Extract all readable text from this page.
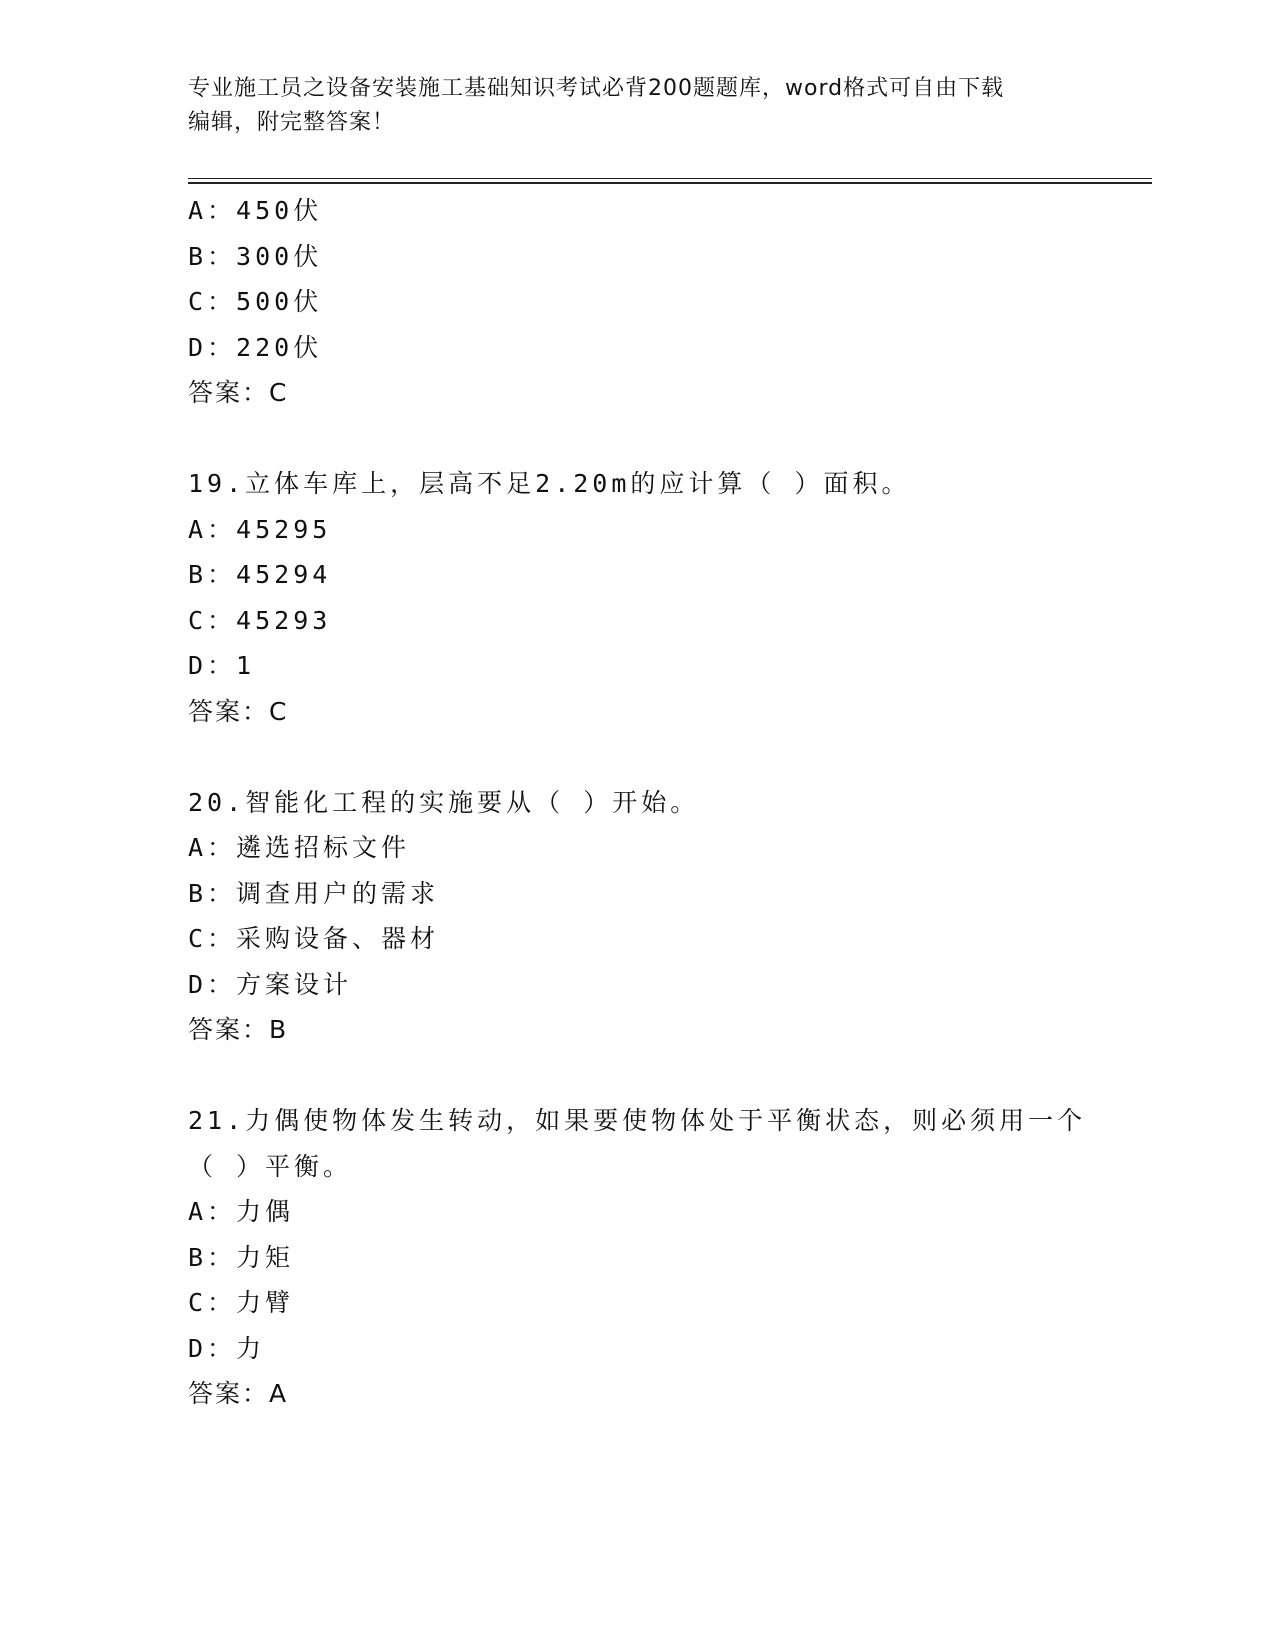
专业施工员之设备安装施工基础知识考试必背200题题库，word格式可自由下载
编辑，附完整答案！
A：450伏
B：300伏
C：500伏
D：220伏
答案：C
19.立体车库上，层高不足2.20m的应计算（ ）面积。
A：45295
B：45294
C：45293
D：1
答案：C
20.智能化工程的实施要从（ ）开始。
A：遴选招标文件
B：调查用户的需求
C：采购设备、器材
D：方案设计
答案：B
21.力偶使物体发生转动，如果要使物体处于平衡状态，则必须用一个
（ ）平衡。
A：力偶
B：力矩
C：力臂
D：力
答案：A
